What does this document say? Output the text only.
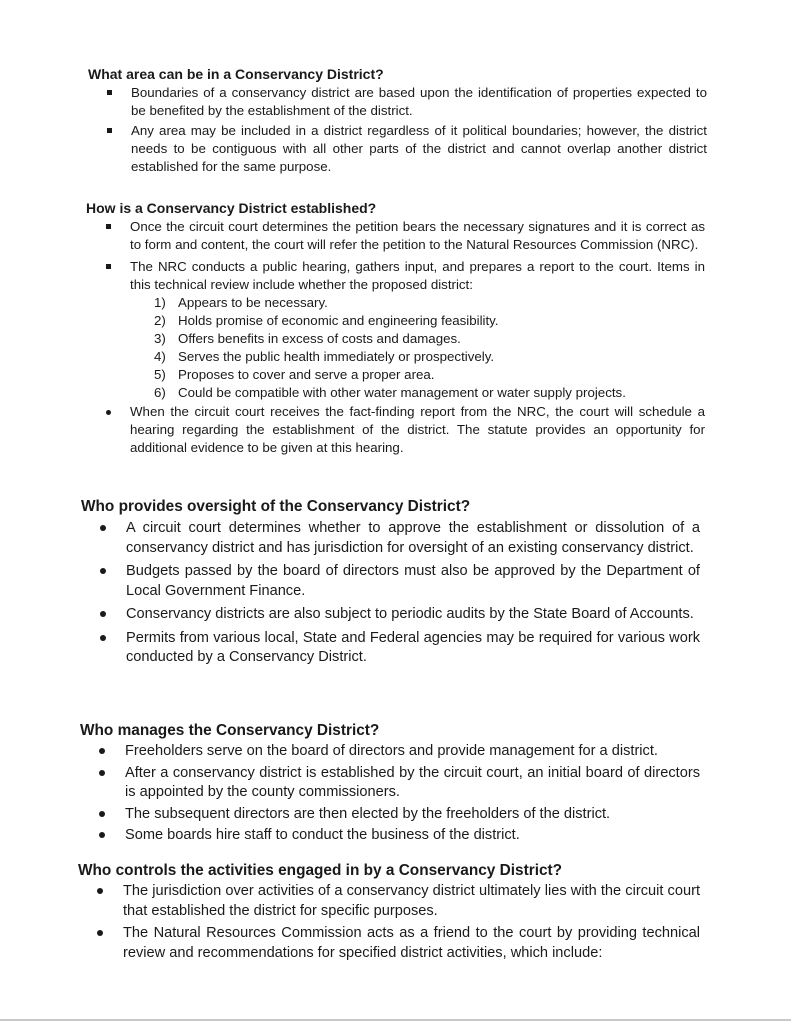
What area can be in a Conservancy District?
Boundaries of a conservancy district are based upon the identification of properties expected to be benefited by the establishment of the district.
Any area may be included in a district regardless of it political boundaries; however, the district needs to be contiguous with all other parts of the district and cannot overlap another district established for the same purpose.
How is a Conservancy District established?
Once the circuit court determines the petition bears the necessary signatures and it is correct as to form and content, the court will refer the petition to the Natural Resources Commission (NRC).
The NRC conducts a public hearing, gathers input, and prepares a report to the court. Items in this technical review include whether the proposed district:
1) Appears to be necessary.
2) Holds promise of economic and engineering feasibility.
3) Offers benefits in excess of costs and damages.
4) Serves the public health immediately or prospectively.
5) Proposes to cover and serve a proper area.
6) Could be compatible with other water management or water supply projects.
When the circuit court receives the fact-finding report from the NRC, the court will schedule a hearing regarding the establishment of the district. The statute provides an opportunity for additional evidence to be given at this hearing.
Who provides oversight of the Conservancy District?
A circuit court determines whether to approve the establishment or dissolution of a conservancy district and has jurisdiction for oversight of an existing conservancy district.
Budgets passed by the board of directors must also be approved by the Department of Local Government Finance.
Conservancy districts are also subject to periodic audits by the State Board of Accounts.
Permits from various local, State and Federal agencies may be required for various work conducted by a Conservancy District.
Who manages the Conservancy District?
Freeholders serve on the board of directors and provide management for a district.
After a conservancy district is established by the circuit court, an initial board of directors is appointed by the county commissioners.
The subsequent directors are then elected by the freeholders of the district.
Some boards hire staff to conduct the business of the district.
Who controls the activities engaged in by a Conservancy District?
The jurisdiction over activities of a conservancy district ultimately lies with the circuit court that established the district for specific purposes.
The Natural Resources Commission acts as a friend to the court by providing technical review and recommendations for specified district activities, which include:
